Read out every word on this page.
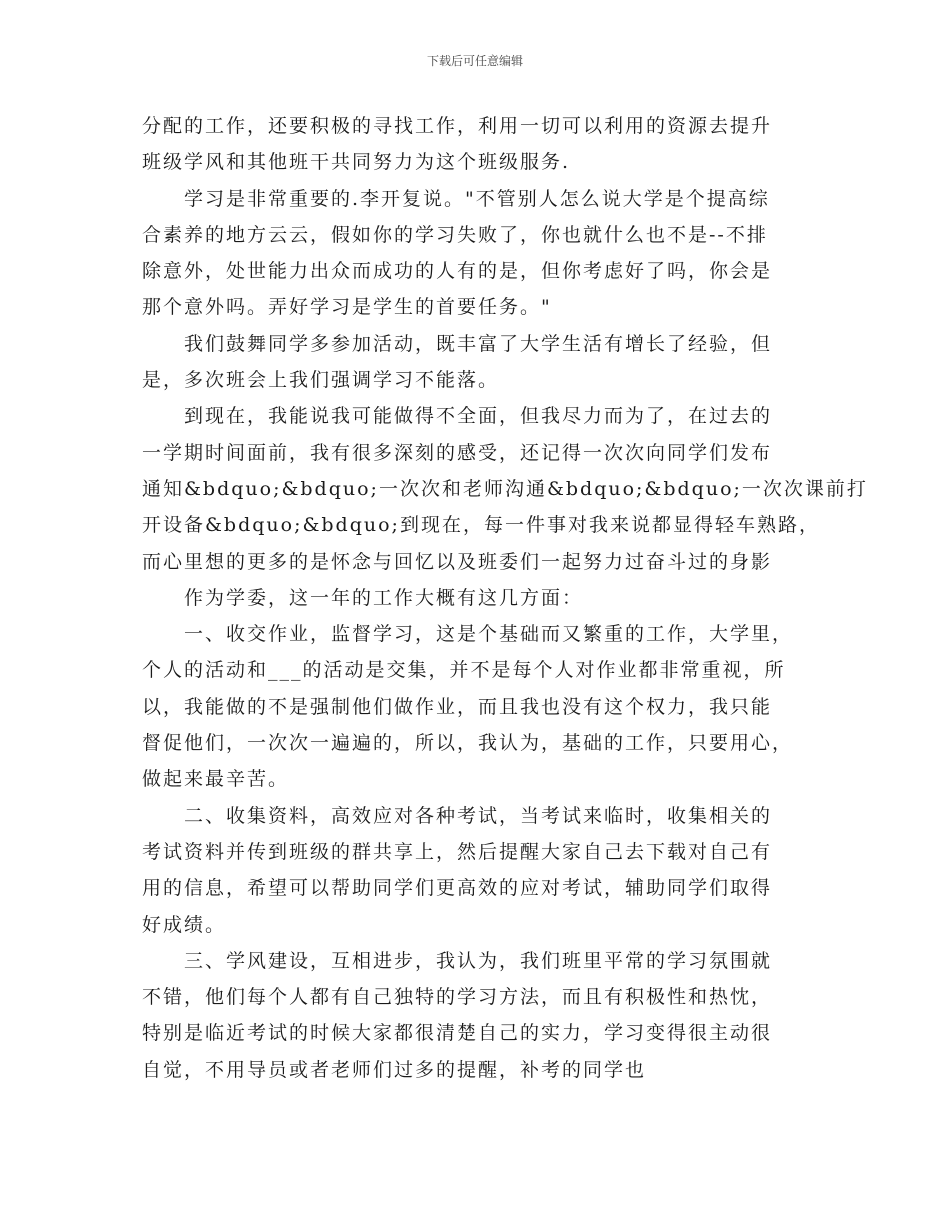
下载后可任意编辑

分配的工作，还要积极的寻找工作，利用一切可以利用的资源去提升
班级学风和其他班干共同努力为这个班级服务.

学习是非常重要的.李开复说。"不管别人怎么说大学是个提高综
合素养的地方云云，假如你的学习失败了，你也就什么也不是--不排
除意外，处世能力出众而成功的人有的是，但你考虑好了吗，你会是
那个意外吗。弄好学习是学生的首要任务。"

我们鼓舞同学多参加活动，既丰富了大学生活有增长了经验，但
是，多次班会上我们强调学习不能落。

到现在，我能说我可能做得不全面，但我尽力而为了，在过去的
一学期时间面前，我有很多深刻的感受，还记得一次次向同学们发布
通知&bdquo;&bdquo;一次次和老师沟通&bdquo;&bdquo;一次次课前打
开设备&bdquo;&bdquo;到现在，每一件事对我来说都显得轻车熟路，
而心里想的更多的是怀念与回忆以及班委们一起努力过奋斗过的身影

作为学委，这一年的工作大概有这几方面：

一、收交作业，监督学习，这是个基础而又繁重的工作，大学里，
个人的活动和___的活动是交集，并不是每个人对作业都非常重视，所
以，我能做的不是强制他们做作业，而且我也没有这个权力，我只能
督促他们，一次次一遍遍的，所以，我认为，基础的工作，只要用心，
做起来最辛苦。

二、收集资料，高效应对各种考试，当考试来临时，收集相关的
考试资料并传到班级的群共享上，然后提醒大家自己去下载对自己有
用的信息，希望可以帮助同学们更高效的应对考试，辅助同学们取得
好成绩。

三、学风建设，互相进步，我认为，我们班里平常的学习氛围就
不错，他们每个人都有自己独特的学习方法，而且有积极性和热忱，
特别是临近考试的时候大家都很清楚自己的实力，学习变得很主动很
自觉，不用导员或者老师们过多的提醒，补考的同学也
